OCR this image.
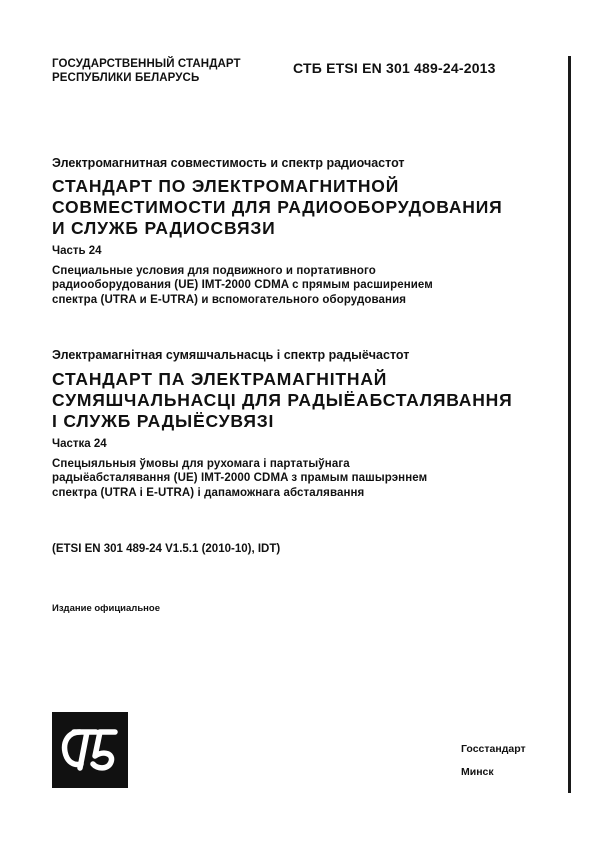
ГОСУДАРСТВЕННЫЙ СТАНДАРТ
РЕСПУБЛИКИ БЕЛАРУСЬ
СТБ ETSI EN 301 489-24-2013
Электромагнитная совместимость и спектр радиочастот
СТАНДАРТ ПО ЭЛЕКТРОМАГНИТНОЙ
СОВМЕСТИМОСТИ ДЛЯ РАДИООБОРУДОВАНИЯ
И СЛУЖБ РАДИОСВЯЗИ
Часть 24
Специальные условия для подвижного и портативного
радиооборудования (UE) IMT-2000 CDMA с прямым расширением
спектра (UTRA и E-UTRA) и вспомогательного оборудования
Электрамагнітная сумяшчальнасць і спектр радыёчастот
СТАНДАРТ ПА ЭЛЕКТРАМАГНІТНАЙ
СУМЯШЧАЛЬНАСЦІ ДЛЯ РАДЫЁАБСТАЛЯВАННЯ
І СЛУЖБ РАДЫЁСУВЯЗІ
Частка 24
Спецыяльныя ўмовы для рухомага і партатыўнага
радыёабсталявання (UE) IMT-2000 CDMA з прамым пашырэннем
спектра (UTRA і E-UTRA) і дапаможнага абсталявання
(ETSI EN 301 489-24 V1.5.1 (2010-10), IDT)
Издание официальное
Госстандарт
Минск
